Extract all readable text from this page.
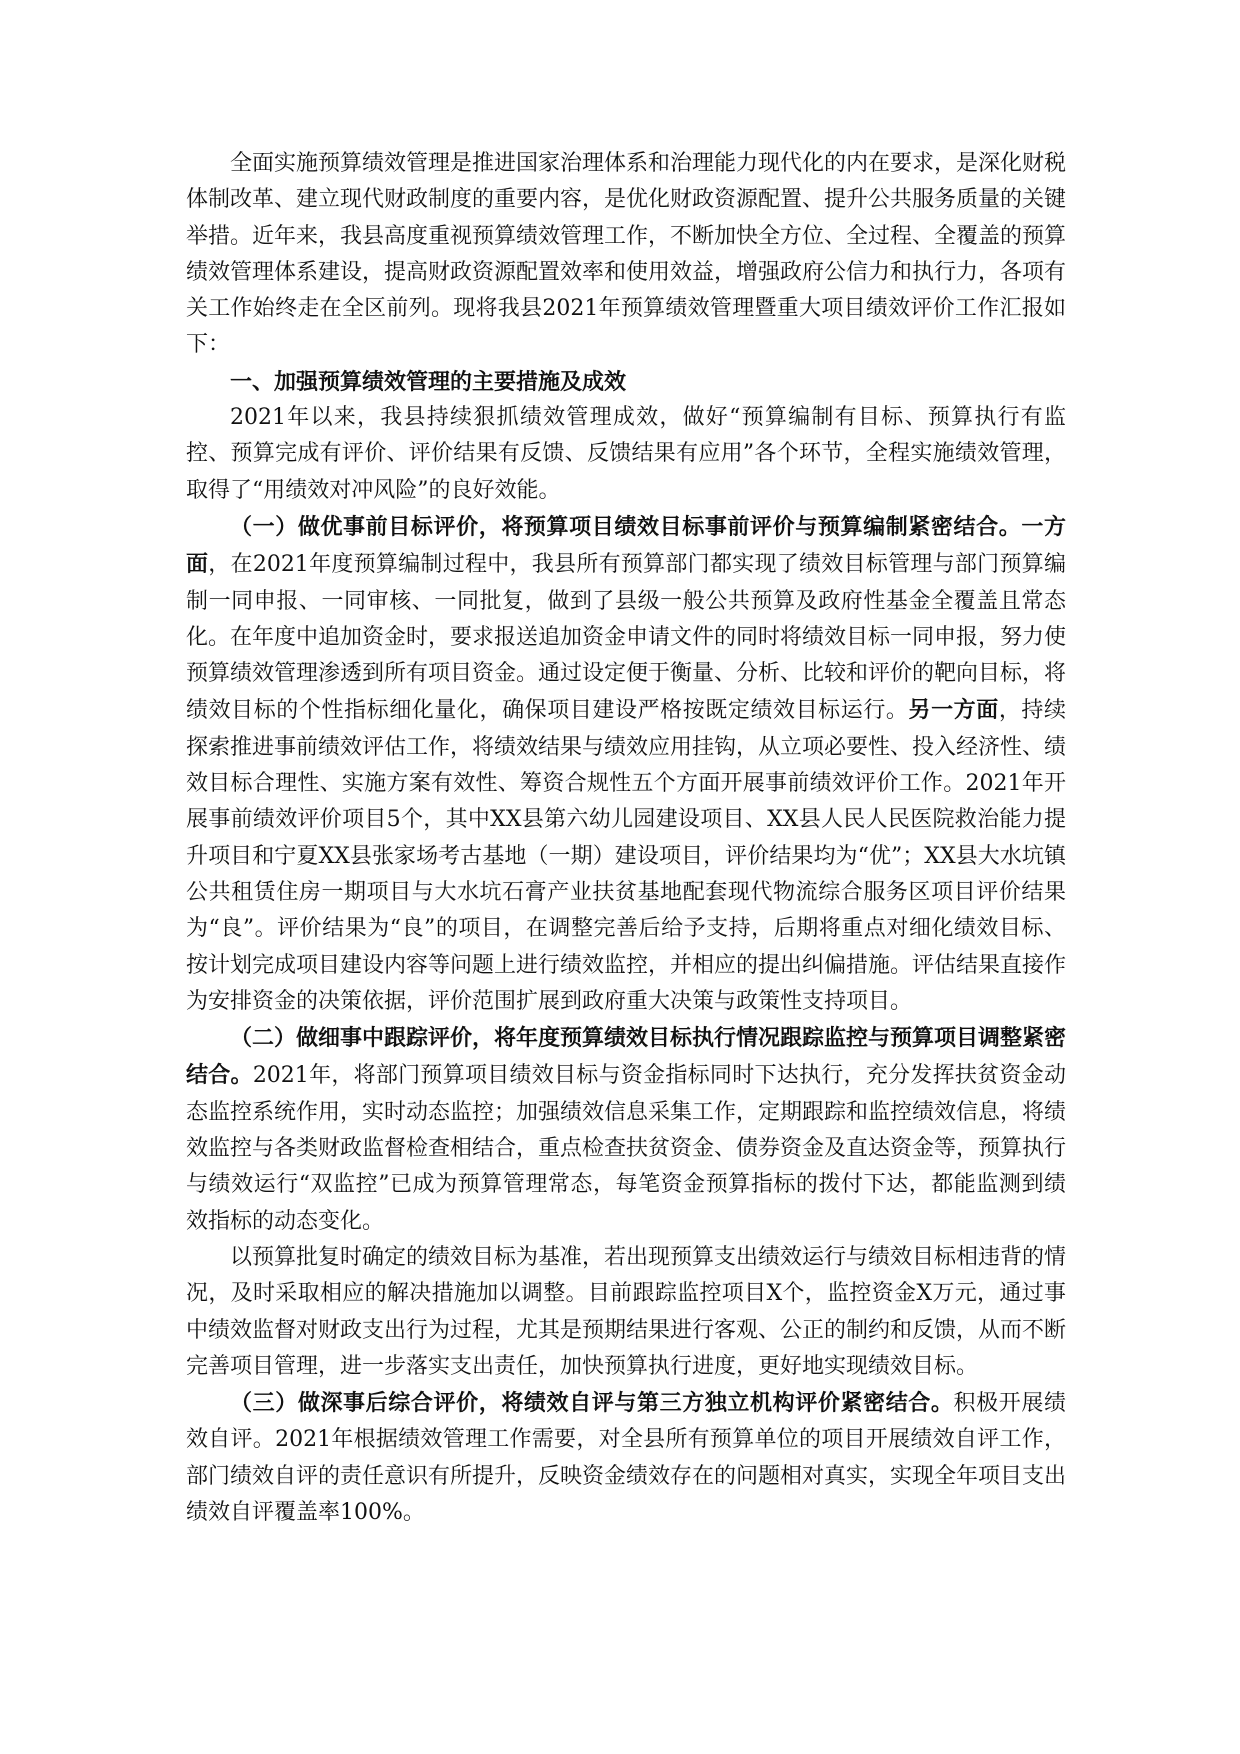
全面实施预算绩效管理是推进国家治理体系和治理能力现代化的内在要求，是深化财税体制改革、建立现代财政制度的重要内容，是优化财政资源配置、提升公共服务质量的关键举措。近年来，我县高度重视预算绩效管理工作，不断加快全方位、全过程、全覆盖的预算绩效管理体系建设，提高财政资源配置效率和使用效益，增强政府公信力和执行力，各项有关工作始终走在全区前列。现将我县2021年预算绩效管理暨重大项目绩效评价工作汇报如下：

一、加强预算绩效管理的主要措施及成效

2021年以来，我县持续狠抓绩效管理成效，做好“预算编制有目标、预算执行有监控、预算完成有评价、评价结果有反馈、反馈结果有应用”各个环节，全程实施绩效管理，取得了“用绩效对冲风险”的良好效能。

（一）做优事前目标评价，将预算项目绩效目标事前评价与预算编制紧密结合。一方面，在2021年度预算编制过程中，我县所有预算部门都实现了绩效目标管理与部门预算编制一同申报、一同审核、一同批复，做到了县级一般公共预算及政府性基金全覆盖且常态化。在年度中追加资金时，要求报送追加资金申请文件的同时将绩效目标一同申报，努力使预算绩效管理渗透到所有项目资金。通过设定便于衡量、分析、比较和评价的靶向目标，将绩效目标的个性指标细化量化，确保项目建设严格按既定绩效目标运行。另一方面，持续探索推进事前绩效评估工作，将绩效结果与绩效应用挂钩，从立项必要性、投入经济性、绩效目标合理性、实施方案有效性、筹资合规性五个方面开展事前绩效评价工作。2021年开展事前绩效评价项目5个，其中XX县第六幼儿园建设项目、XX县人民人民医院救治能力提升项目和宁夏XX县张家场考古基地（一期）建设项目，评价结果均为“优”；XX县大水坑镇公共租赁住房一期项目与大水坑石膏产业扶贫基地配套现代物流综合服务区项目评价结果为“良”。评价结果为“良”的项目，在调整完善后给予支持，后期将重点对细化绩效目标、按计划完成项目建设内容等问题上进行绩效监控，并相应的提出纠偏措施。评估结果直接作为安排资金的决策依据，评价范围扩展到政府重大决策与政策性支持项目。

（二）做细事中跟踪评价，将年度预算绩效目标执行情况跟踪监控与预算项目调整紧密结合。2021年，将部门预算项目绩效目标与资金指标同时下达执行，充分发挥扶贫资金动态监控系统作用，实时动态监控；加强绩效信息采集工作，定期跟踪和监控绩效信息，将绩效监控与各类财政监督检查相结合，重点检查扶贫资金、债券资金及直达资金等，预算执行与绩效运行“双监控”已成为预算管理常态，每笔资金预算指标的拨付下达，都能监测到绩效指标的动态变化。

以预算批复时确定的绩效目标为基准，若出现预算支出绩效运行与绩效目标相违背的情况，及时采取相应的解决措施加以调整。目前跟踪监控项目X个，监控资金X万元，通过事中绩效监督对财政支出行为过程，尤其是预期结果进行客观、公正的制约和反馈，从而不断完善项目管理，进一步落实支出责任，加快预算执行进度，更好地实现绩效目标。

（三）做深事后综合评价，将绩效自评与第三方独立机构评价紧密结合。积极开展绩效自评。2021年根据绩效管理工作需要，对全县所有预算单位的项目开展绩效自评工作，部门绩效自评的责任意识有所提升，反映资金绩效存在的问题相对真实，实现全年项目支出绩效自评覆盖率100%。
